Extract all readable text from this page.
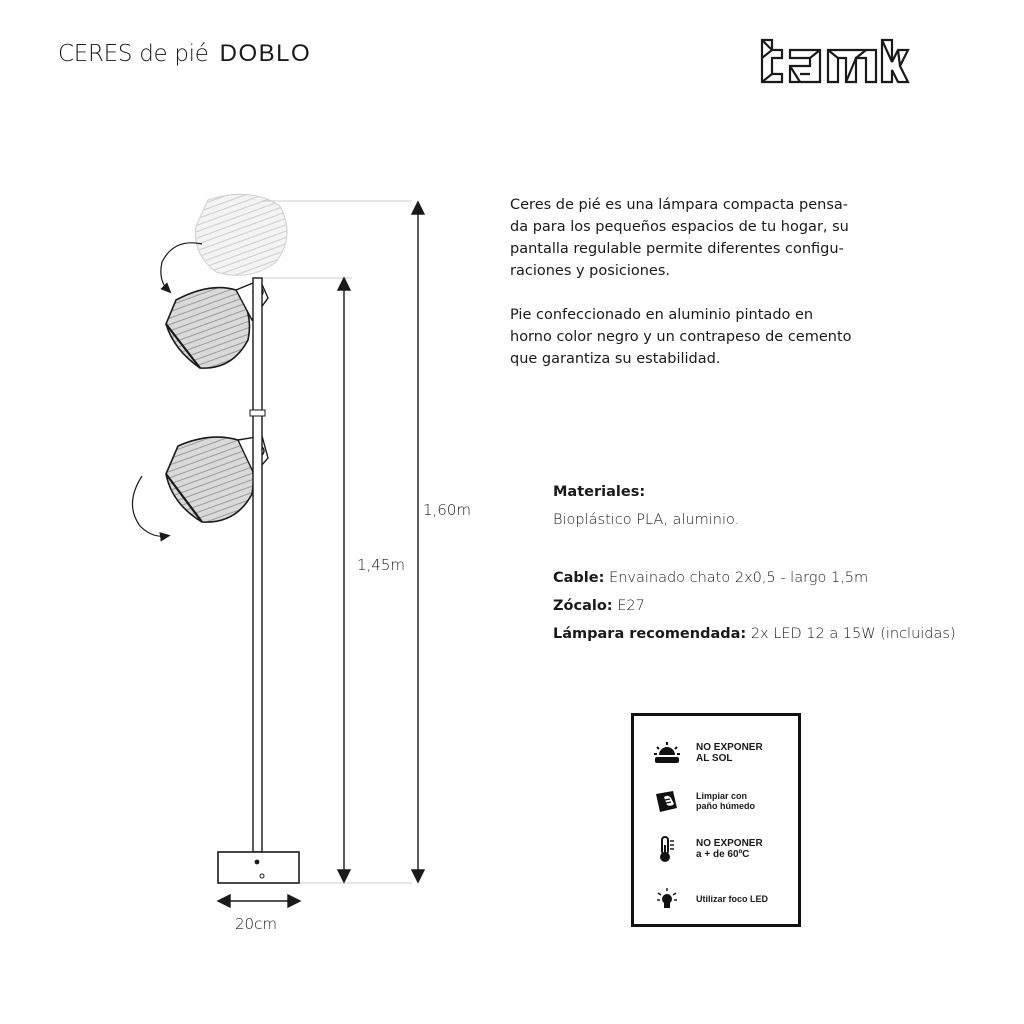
CERES de pié DOBLO
1,60m
1,45m
20cm

Ceres de pié es una lámpara compacta pensa-
da para los pequeños espacios de tu hogar, su
pantalla regulable permite diferentes configu-
raciones y posiciones.

Pie confeccionado en aluminio pintado en
horno color negro y un contrapeso de cemento
que garantiza su estabilidad.

Materiales:
Bioplástico PLA, aluminio.
Cable: Envainado chato 2x0,5 - largo 1,5m
Zócalo: E27
Lámpara recomendada: 2x LED 12 a 15W (incluidas)
NO EXPONER
AL SOL
Limpiar con
paño húmedo
NO EXPONER
a + de 60ºC
Utilizar foco LED
